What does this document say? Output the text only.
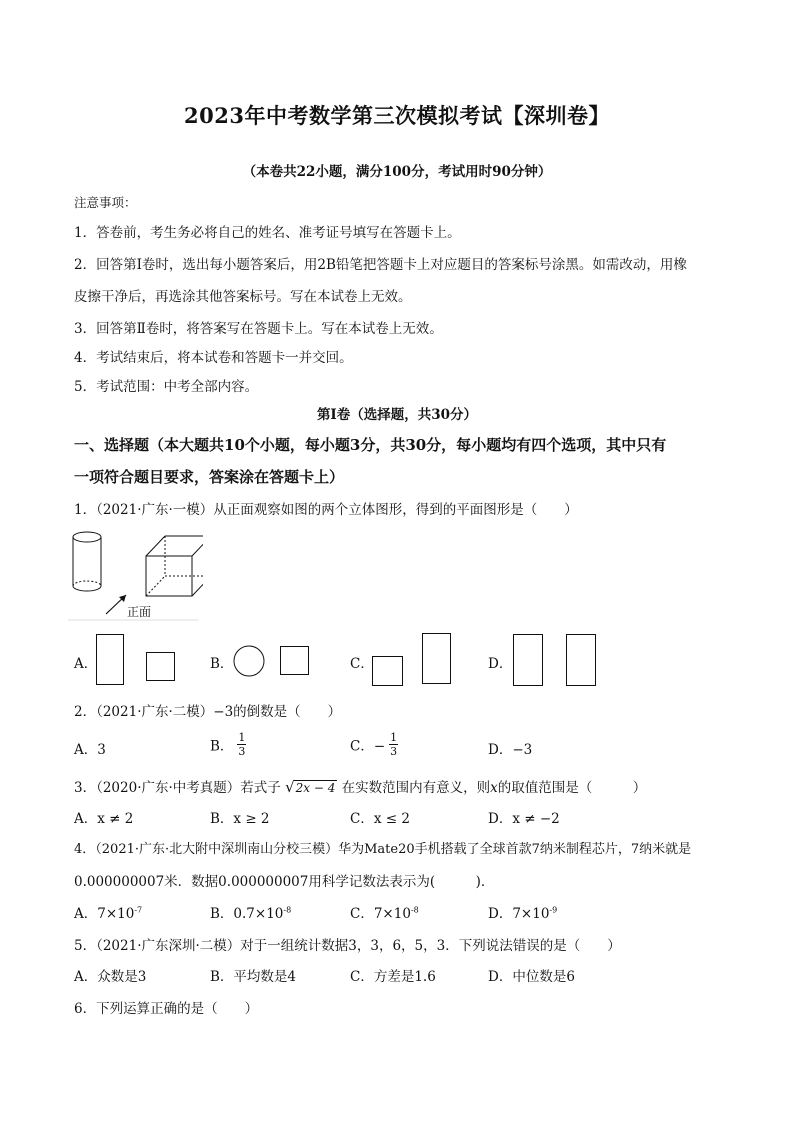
2023年中考数学第三次模拟考试【深圳卷】
（本卷共22小题，满分100分，考试用时90分钟）
注意事项：
1．答卷前，考生务必将自己的姓名、准考证号填写在答题卡上。
2．回答第Ⅰ卷时，选出每小题答案后，用2B铅笔把答题卡上对应题目的答案标号涂黑。如需改动，用橡
皮擦干净后，再选涂其他答案标号。写在本试卷上无效。
3．回答第Ⅱ卷时，将答案写在答题卡上。写在本试卷上无效。
4．考试结束后，将本试卷和答题卡一并交回。
5．考试范围：中考全部内容。
第Ⅰ卷（选择题，共30分）
一、选择题（本大题共10个小题，每小题3分，共30分，每小题均有四个选项，其中只有
一项符合题目要求，答案涂在答题卡上）
1．（2021·广东·一模）从正面观察如图的两个立体图形，得到的平面图形是（　　）
正面
A．	B．	C．	D．
2．（2021·广东·二模）−3的倒数是（　　）
A．3	B． $\frac{1}{3}$	C．− $\frac{1}{3}$	D．−3
3．（2020·广东·中考真题）若式子 √2x − 4 在实数范围内有意义，则x的取值范围是（　　　）
A．x ≠ 2	B．x ≥ 2	C．x ≤ 2	D．x ≠ −2
4．（2021·广东·北大附中深圳南山分校三模）华为Mate20手机搭载了全球首款7纳米制程芯片，7纳米就是
0.000000007米．数据0.000000007用科学记数法表示为(　　　)．
A．$7\times 10^{-7}$	B．$0.7\times 10^{-8}$	C．$7\times 10^{-8}$	D．$7\times 10^{-9}$
5．（2021·广东深圳·二模）对于一组统计数据3，3，6，5，3．下列说法错误的是（　　）
A．众数是3	B．平均数是4	C．方差是1.6	D．中位数是6
6．下列运算正确的是（　　）
